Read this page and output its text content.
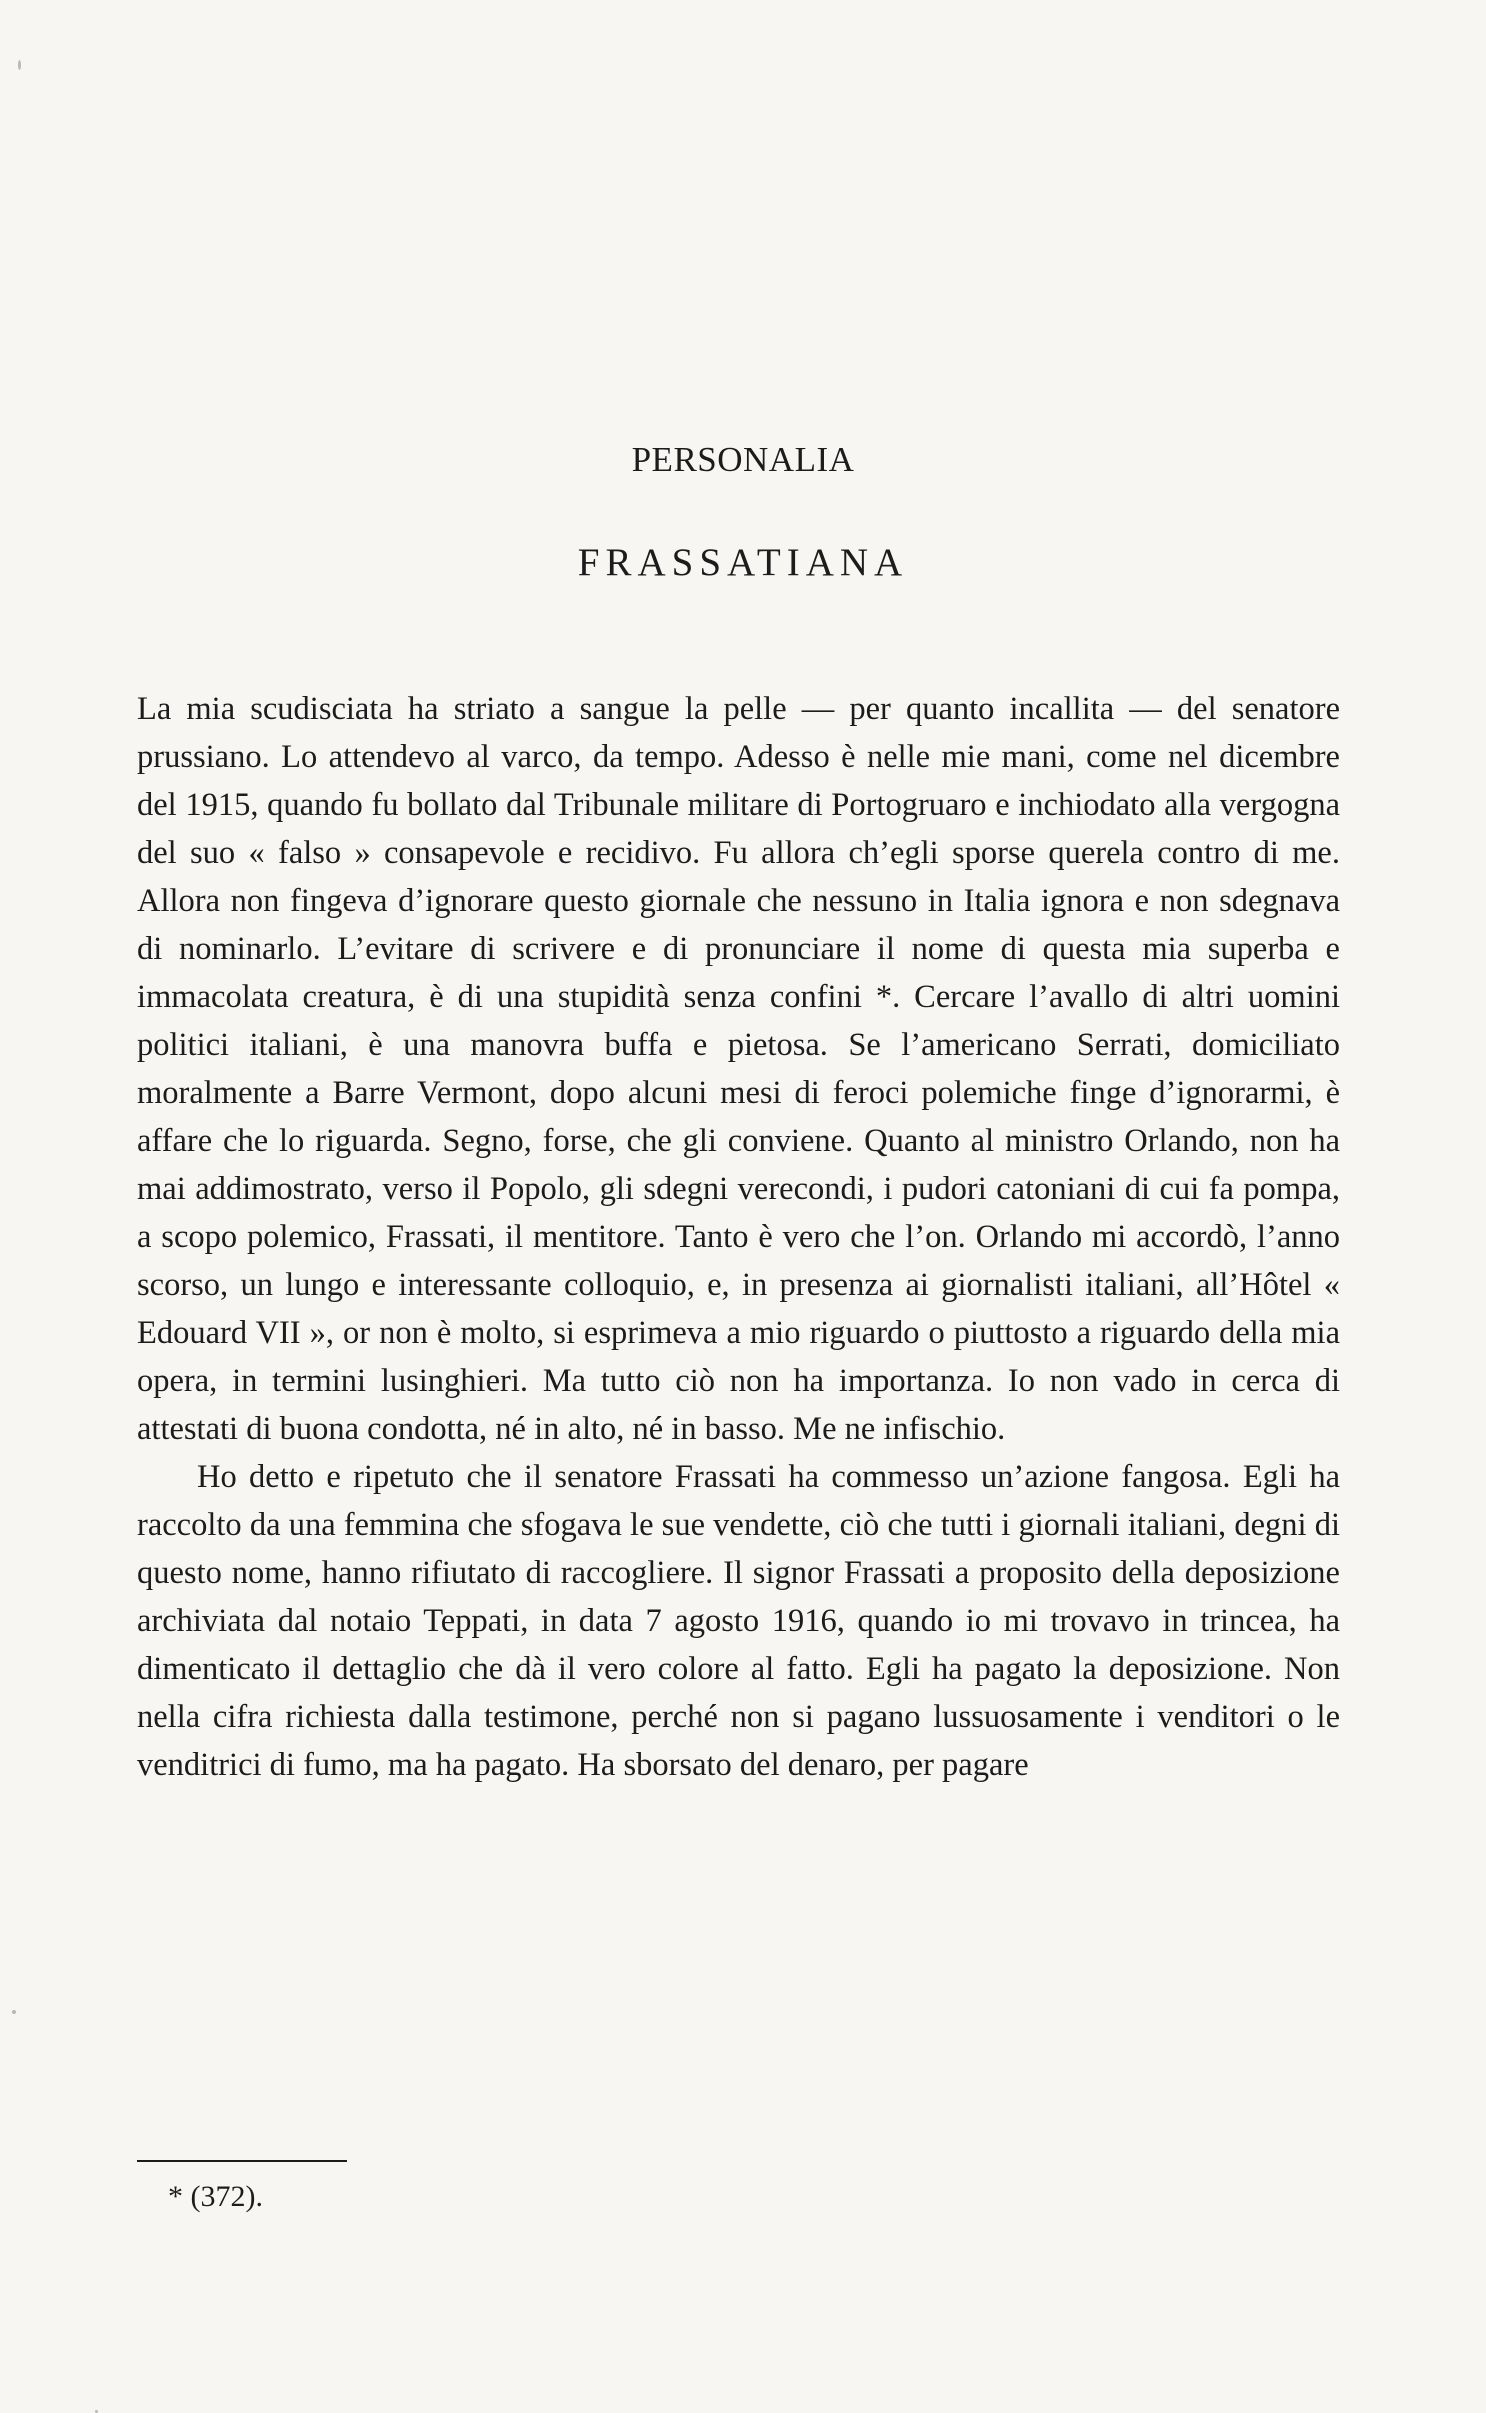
PERSONALIA
FRASSATIANA

La mia scudisciata ha striato a sangue la pelle — per quanto incallita — del senatore prussiano. Lo attendevo al varco, da tempo. Adesso è nelle mie mani, come nel dicembre del 1915, quando fu bollato dal Tribunale militare di Portogruaro e inchiodato alla vergogna del suo « falso » consapevole e recidivo. Fu allora ch’egli sporse querela contro di me. Allora non fingeva d’ignorare questo giornale che nessuno in Italia ignora e non sdegnava di nominarlo. L’evitare di scrivere e di pronunciare il nome di questa mia superba e immacolata creatura, è di una stupidità senza confini *. Cercare l’avallo di altri uomini politici italiani, è una manovra buffa e pietosa. Se l’americano Serrati, domiciliato moralmente a Barre Vermont, dopo alcuni mesi di feroci polemiche finge d’ignorarmi, è affare che lo riguarda. Segno, forse, che gli conviene. Quanto al ministro Orlando, non ha mai addimostrato, verso il Popolo, gli sdegni verecondi, i pudori catoniani di cui fa pompa, a scopo polemico, Frassati, il mentitore. Tanto è vero che l’on. Orlando mi accordò, l’anno scorso, un lungo e interessante colloquio, e, in presenza ai giornalisti italiani, all’Hôtel « Edouard VII », or non è molto, si esprimeva a mio riguardo o piuttosto a riguardo della mia opera, in termini lusinghieri. Ma tutto ciò non ha importanza. Io non vado in cerca di attestati di buona condotta, né in alto, né in basso. Me ne infischio.

Ho detto e ripetuto che il senatore Frassati ha commesso un’azione fangosa. Egli ha raccolto da una femmina che sfogava le sue vendette, ciò che tutti i giornali italiani, degni di questo nome, hanno rifiutato di raccogliere. Il signor Frassati a proposito della deposizione archiviata dal notaio Teppati, in data 7 agosto 1916, quando io mi trovavo in trincea, ha dimenticato il dettaglio che dà il vero colore al fatto. Egli ha pagato la deposizione. Non nella cifra richiesta dalla testimone, perché non si pagano lussuosamente i venditori o le venditrici di fumo, ma ha pagato. Ha sborsato del denaro, per pagare

* (372).
